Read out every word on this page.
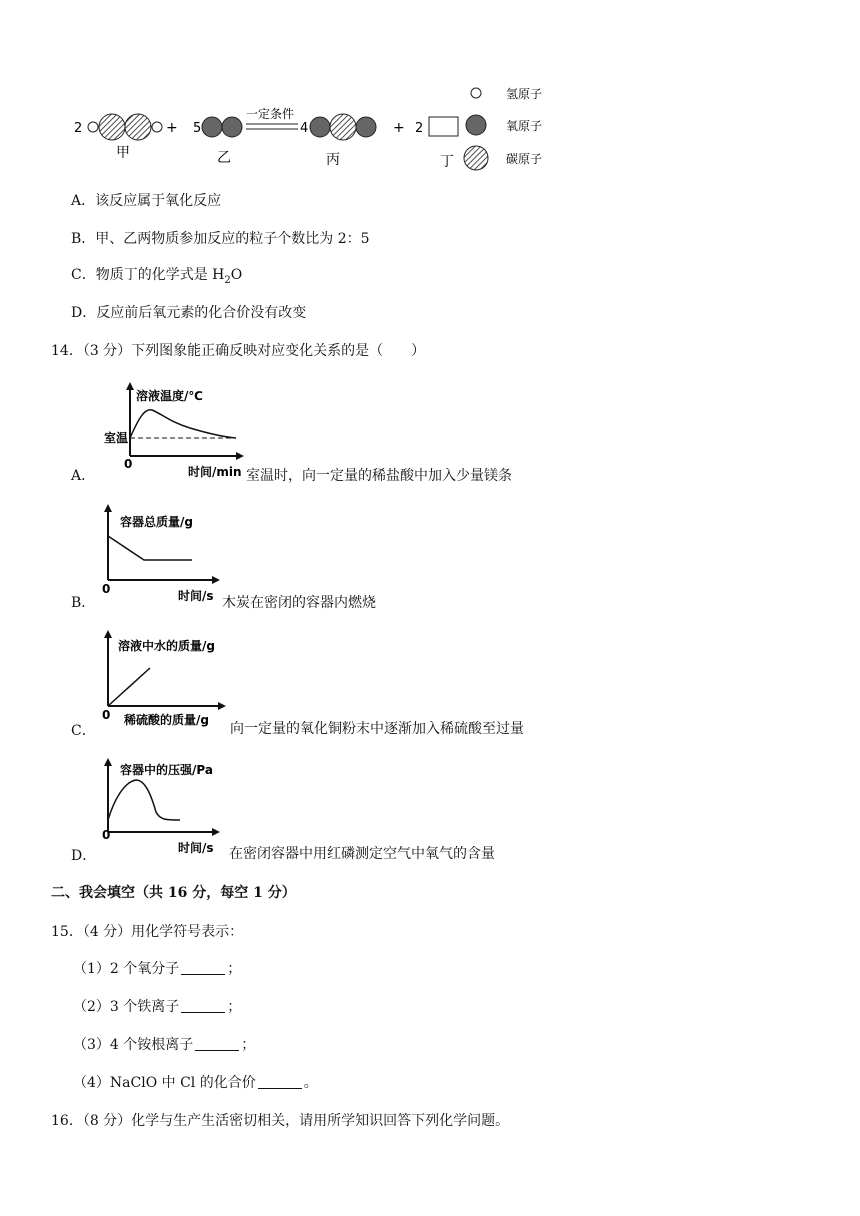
2
甲
+ 5
乙
一定条件
4
丙
+ 2
丁
氢原子
氧原子
碳原子
A．该反应属于氧化反应
B．甲、乙两物质参加反应的粒子个数比为 2：5
C．物质丁的化学式是 $H_2O$
D．反应前后氧元素的化合价没有改变
14．（3 分）下列图象能正确反映对应变化关系的是（　　）
A．
溶液温度/℃
室温
0
时间/min 室温时，向一定量的稀盐酸中加入少量镁条
B．
容器总质量/g
0	时间/s 木炭在密闭的容器内燃烧
C．
溶液中水的质量/g
0 稀硫酸的质量/g
向一定量的氧化铜粉末中逐渐加入稀硫酸至过量
D．
容器中的压强/Pa
0
时间/s 在密闭容器中用红磷测定空气中氧气的含量
二、我会填空（共 16 分，每空 1 分）
15．（4 分）用化学符号表示：
（1）2 个氧分子	；
（2）3 个铁离子	；
（3）4 个铵根离子	；
（4）NaClO 中 Cl 的化合价	。
16．（8 分）化学与生产生活密切相关，请用所学知识回答下列化学问题。
